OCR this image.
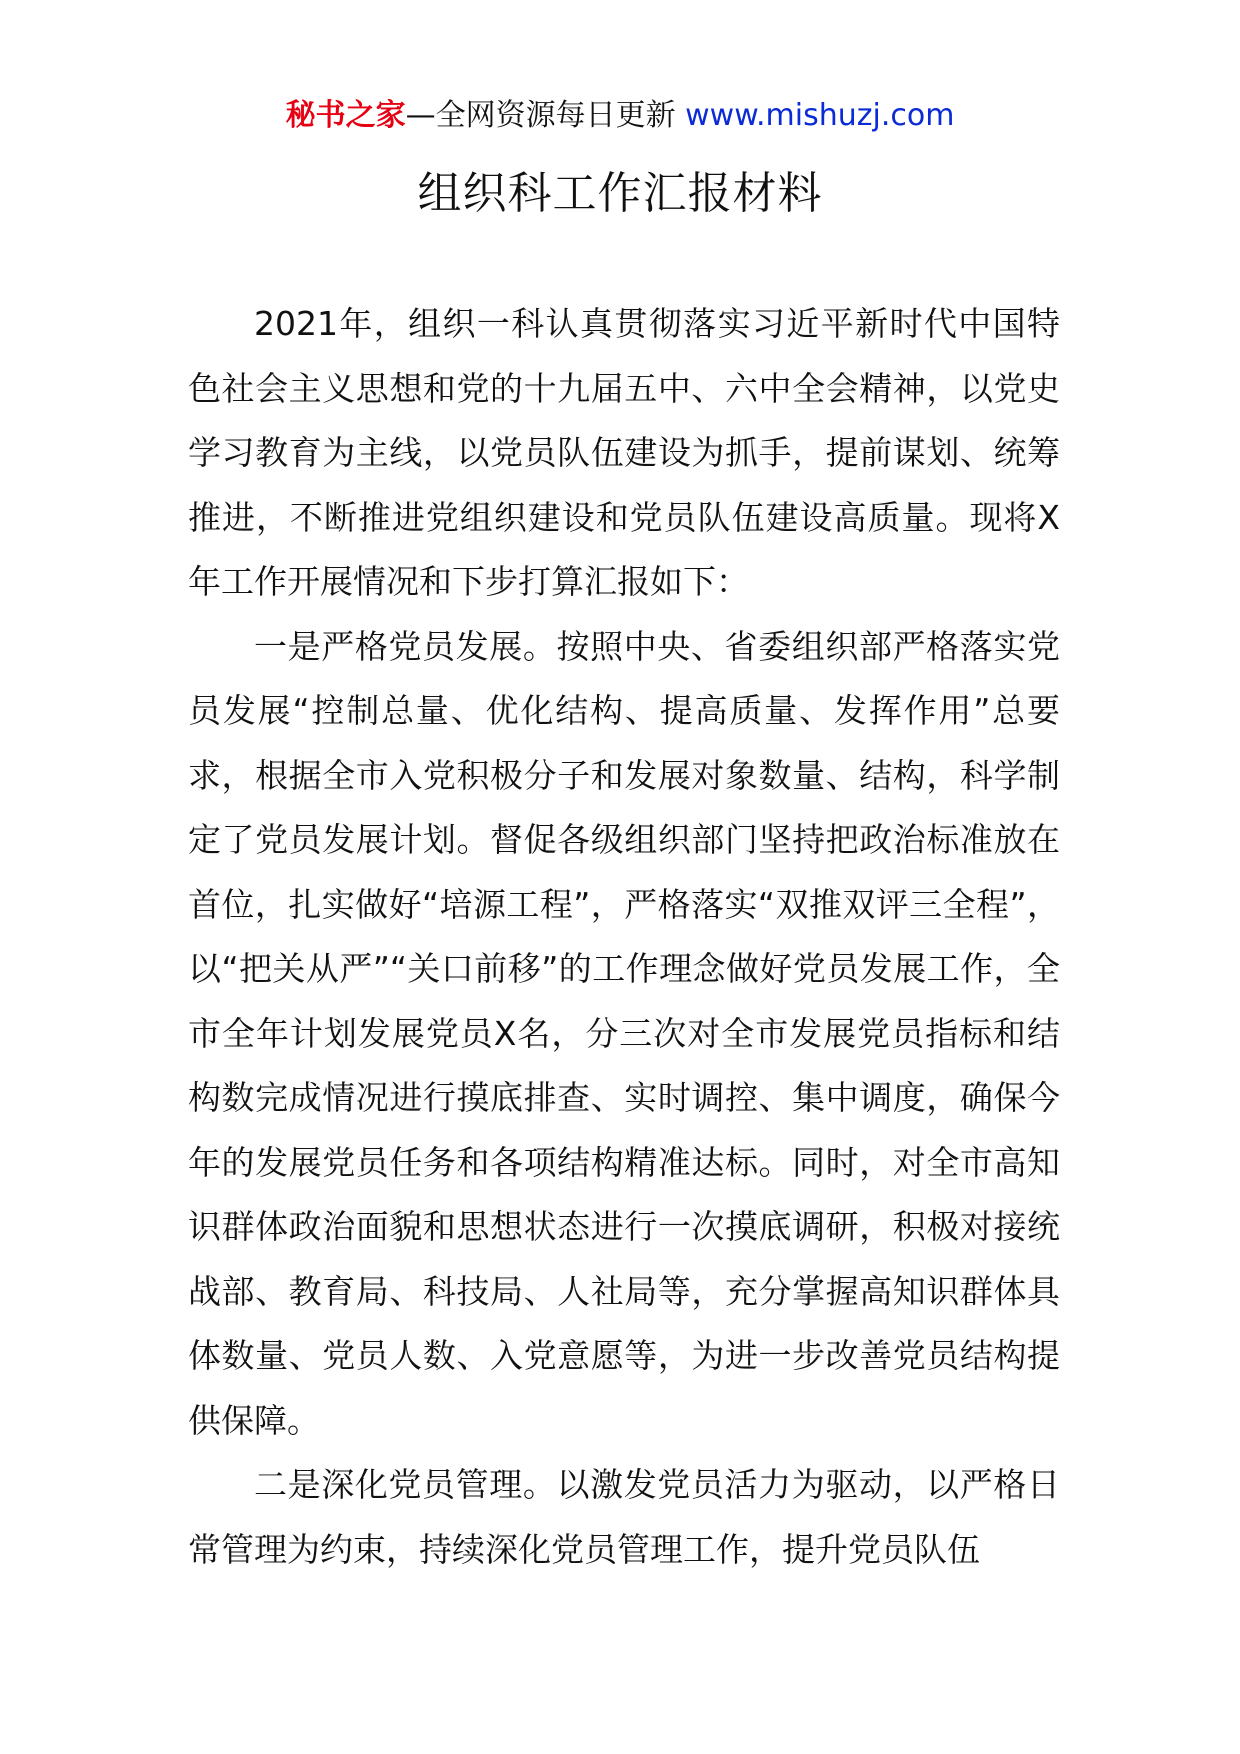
秘书之家—全网资源每日更新 www.mishuzj.com
组织科工作汇报材料

2021年，组织一科认真贯彻落实习近平新时代中国特色社会主义思想和党的十九届五中、六中全会精神，以党史学习教育为主线，以党员队伍建设为抓手，提前谋划、统筹推进，不断推进党组织建设和党员队伍建设高质量。现将X年工作开展情况和下步打算汇报如下：

一是严格党员发展。按照中央、省委组织部严格落实党员发展“控制总量、优化结构、提高质量、发挥作用”总要求，根据全市入党积极分子和发展对象数量、结构，科学制定了党员发展计划。督促各级组织部门坚持把政治标准放在首位，扎实做好“培源工程”，严格落实“双推双评三全程”，以“把关从严”“关口前移”的工作理念做好党员发展工作，全市全年计划发展党员X名，分三次对全市发展党员指标和结构数完成情况进行摸底排查、实时调控、集中调度，确保今年的发展党员任务和各项结构精准达标。同时，对全市高知识群体政治面貌和思想状态进行一次摸底调研，积极对接统战部、教育局、科技局、人社局等，充分掌握高知识群体具体数量、党员人数、入党意愿等，为进一步改善党员结构提供保障。

二是深化党员管理。以激发党员活力为驱动，以严格日常管理为约束，持续深化党员管理工作，提升党员队伍
